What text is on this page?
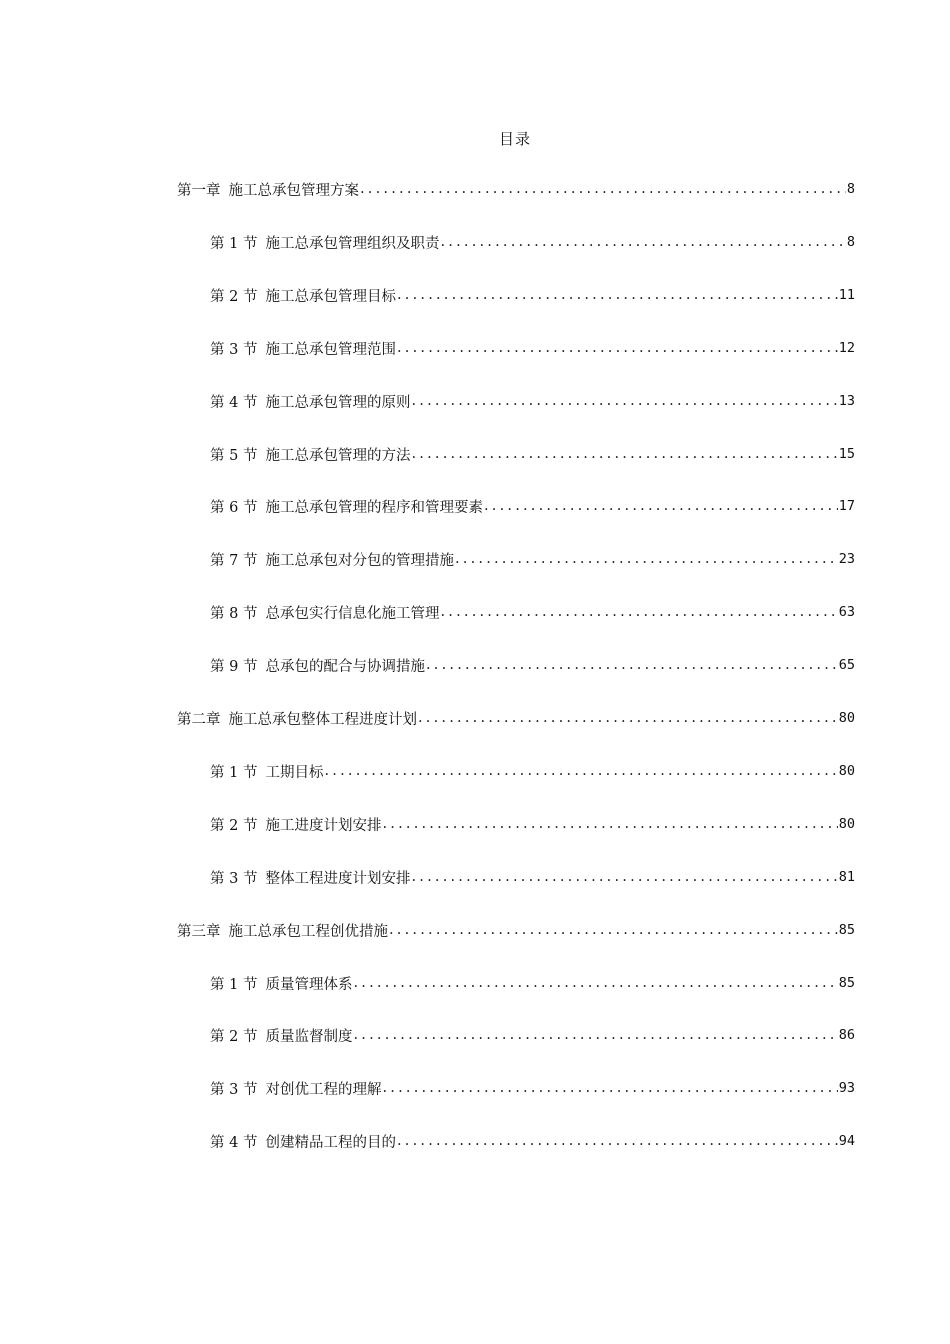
目录
第一章 施工总承包管理方案 .....	8
第 1 节 施工总承包管理组织及职责 .....	8
第 2 节 施工总承包管理目标 .....	11
第 3 节 施工总承包管理范围 .....	12
第 4 节 施工总承包管理的原则 .....	13
第 5 节 施工总承包管理的方法 .....	15
第 6 节 施工总承包管理的程序和管理要素 .....	17
第 7 节 施工总承包对分包的管理措施 .....	23
第 8 节 总承包实行信息化施工管理 .....	63
第 9 节 总承包的配合与协调措施 .....	65
第二章 施工总承包整体工程进度计划 .....	80
第 1 节 工期目标 .....	80
第 2 节 施工进度计划安排 .....	80
第 3 节 整体工程进度计划安排 .....	81
第三章 施工总承包工程创优措施 .....	85
第 1 节 质量管理体系 .....	85
第 2 节 质量监督制度 .....	86
第 3 节 对创优工程的理解 .....	93
第 4 节 创建精品工程的目的 .....	94
